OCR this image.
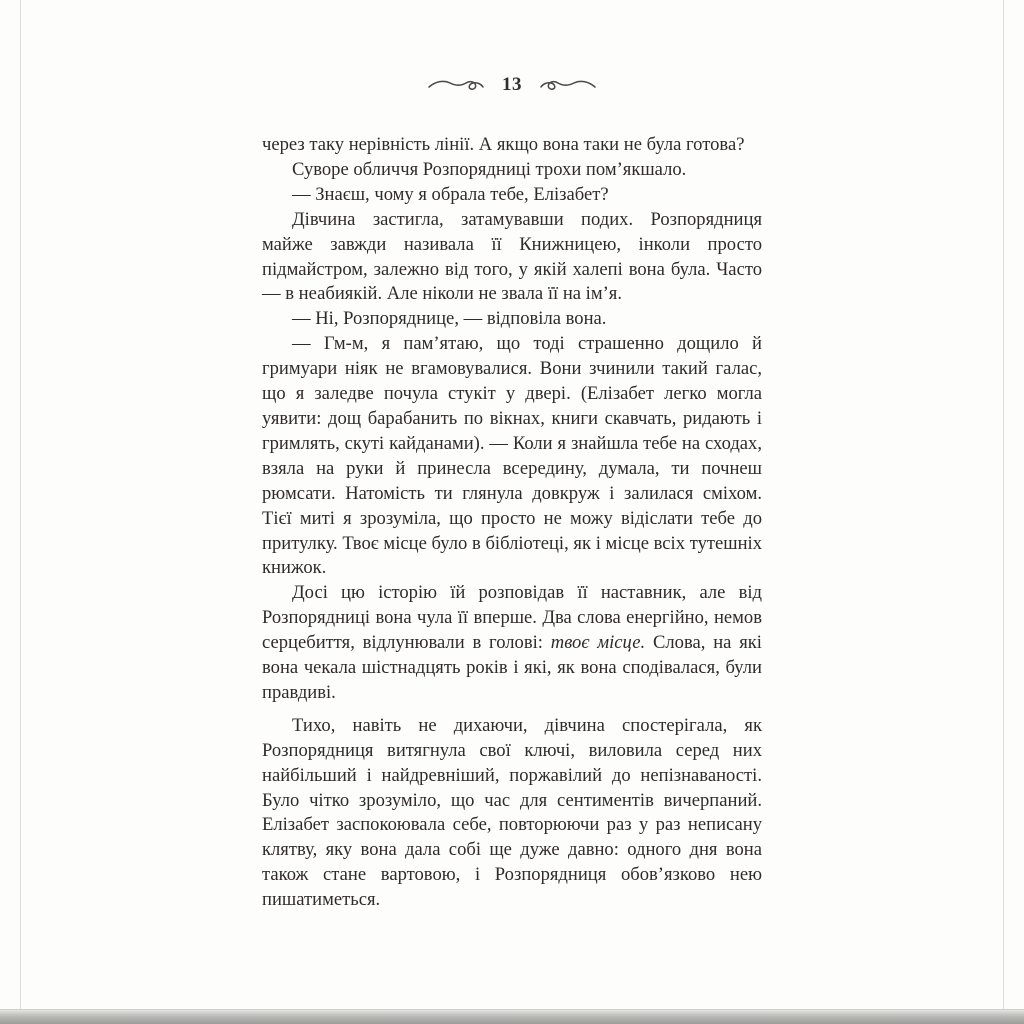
13

через таку нерівність лінії. А якщо вона таки не була готова?

Суворе обличчя Розпорядниці трохи пом’якшало.

— Знаєш, чому я обрала тебе, Елізабет?

Дівчина застигла, затамувавши подих. Розпорядниця майже завжди називала її Книжницею, інколи просто підмайстром, залежно від того, у якій халепі вона була. Часто — в неабиякій. Але ніколи не звала її на ім’я.

— Ні, Розпоряднице, — відповіла вона.

— Гм-м, я пам’ятаю, що тоді страшенно дощило й гримуари ніяк не вгамовувалися. Вони зчинили такий галас, що я заледве почула стукіт у двері. (Елізабет легко могла уявити: дощ барабанить по вікнах, книги скавчать, ридають і гримлять, скуті кайданами). — Коли я знайшла тебе на сходах, взяла на руки й принесла всередину, думала, ти почнеш рюмсати. Натомість ти глянула довкруж і залилася сміхом. Тієї миті я зрозуміла, що просто не можу відіслати тебе до притулку. Твоє місце було в бібліотеці, як і місце всіх тутешніх книжок.

Досі цю історію їй розповідав її наставник, але від Розпорядниці вона чула її вперше. Два слова енергійно, немов серцебиття, відлунювали в голові: твоє місце. Слова, на які вона чекала шістнадцять років і які, як вона сподівалася, були правдиві.

Тихо, навіть не дихаючи, дівчина спостерігала, як Розпорядниця витягнула свої ключі, виловила серед них найбільший і найдревніший, поржавілий до непізнаваності. Було чітко зрозуміло, що час для сентиментів вичерпаний. Елізабет заспокоювала себе, повторюючи раз у раз неписану клятву, яку вона дала собі ще дуже давно: одного дня вона також стане вартовою, і Розпорядниця обов’язково нею пишатиметься.
